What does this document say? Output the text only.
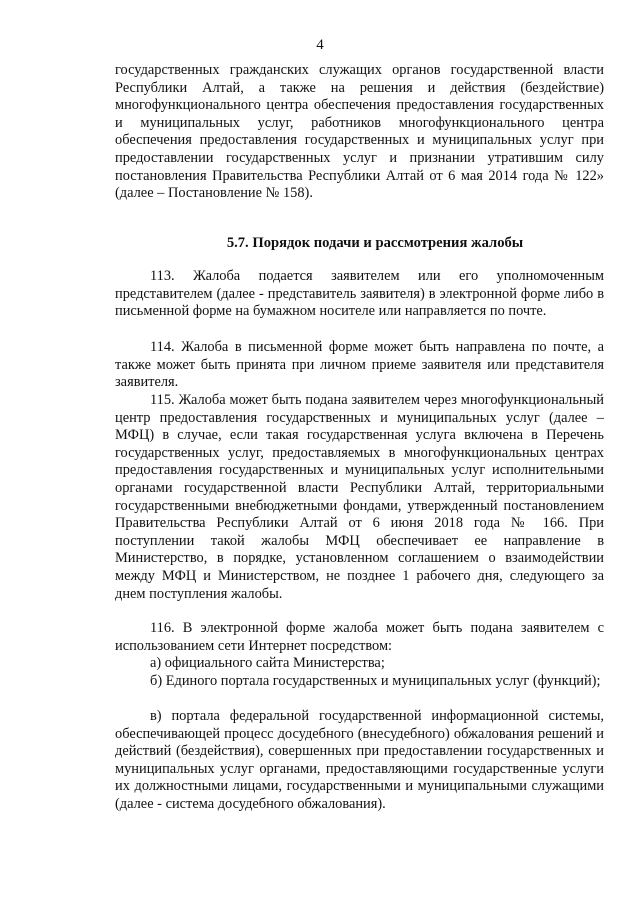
4

государственных гражданских служащих органов государственной власти Республики Алтай, а также на решения и действия (бездействие) многофункционального центра обеспечения предоставления государственных и муниципальных услуг, работников многофункционального центра обеспечения предоставления государственных и муниципальных услуг при предоставлении государственных услуг и признании утратившим силу постановления Правительства Республики Алтай от 6 мая 2014 года № 122» (далее – Постановление № 158).

5.7. Порядок подачи и рассмотрения жалобы

113. Жалоба подается заявителем или его уполномоченным представителем (далее - представитель заявителя) в электронной форме либо в письменной форме на бумажном носителе или направляется по почте.

114. Жалоба в письменной форме может быть направлена по почте, а также может быть принята при личном приеме заявителя или представителя заявителя.

115. Жалоба может быть подана заявителем через многофункциональный центр предоставления государственных и муниципальных услуг (далее – МФЦ) в случае, если такая государственная услуга включена в Перечень государственных услуг, предоставляемых в многофункциональных центрах предоставления государственных и муниципальных услуг исполнительными органами государственной власти Республики Алтай, территориальными государственными внебюджетными фондами, утвержденный постановлением Правительства Республики Алтай от 6 июня 2018 года № 166. При поступлении такой жалобы МФЦ обеспечивает ее направление в Министерство, в порядке, установленном соглашением о взаимодействии между МФЦ и Министерством, не позднее 1 рабочего дня, следующего за днем поступления жалобы.

116. В электронной форме жалоба может быть подана заявителем с использованием сети Интернет посредством:

а) официального сайта Министерства;

б) Единого портала государственных и муниципальных услуг (функций);

в) портала федеральной государственной информационной системы, обеспечивающей процесс досудебного (внесудебного) обжалования решений и действий (бездействия), совершенных при предоставлении государственных и муниципальных услуг органами, предоставляющими государственные услуги их должностными лицами, государственными и муниципальными служащими (далее - система досудебного обжалования).
